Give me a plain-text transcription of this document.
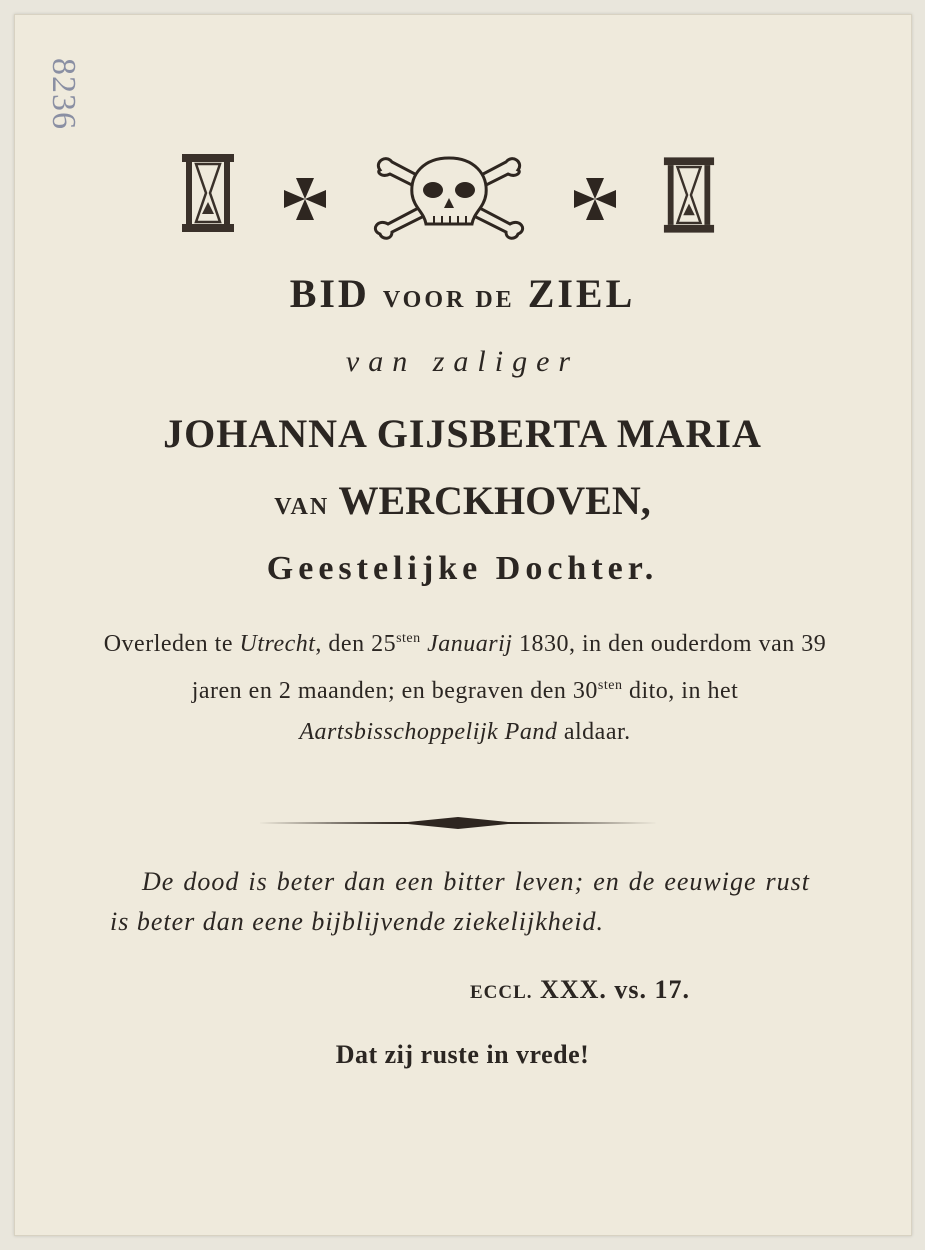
8236
BID VOOR DE ZIEL
van zaliger
JOHANNA GIJSBERTA MARIA
VAN WERCKHOVEN,
Geestelijke Dochter.
Overleden te Utrecht, den $25^{sten}$ Januarij 1830, in den ouderdom van 39 jaren en 2 maanden; en begraven den $30^{sten}$ dito, in het Aartsbisschoppelijk Pand aldaar.
De dood is beter dan een bitter leven; en de eeuwige rust is beter dan eene bijblijvende ziekelijkheid.
ECCL. XXX. vs. 17.
Dat zij ruste in vrede!
